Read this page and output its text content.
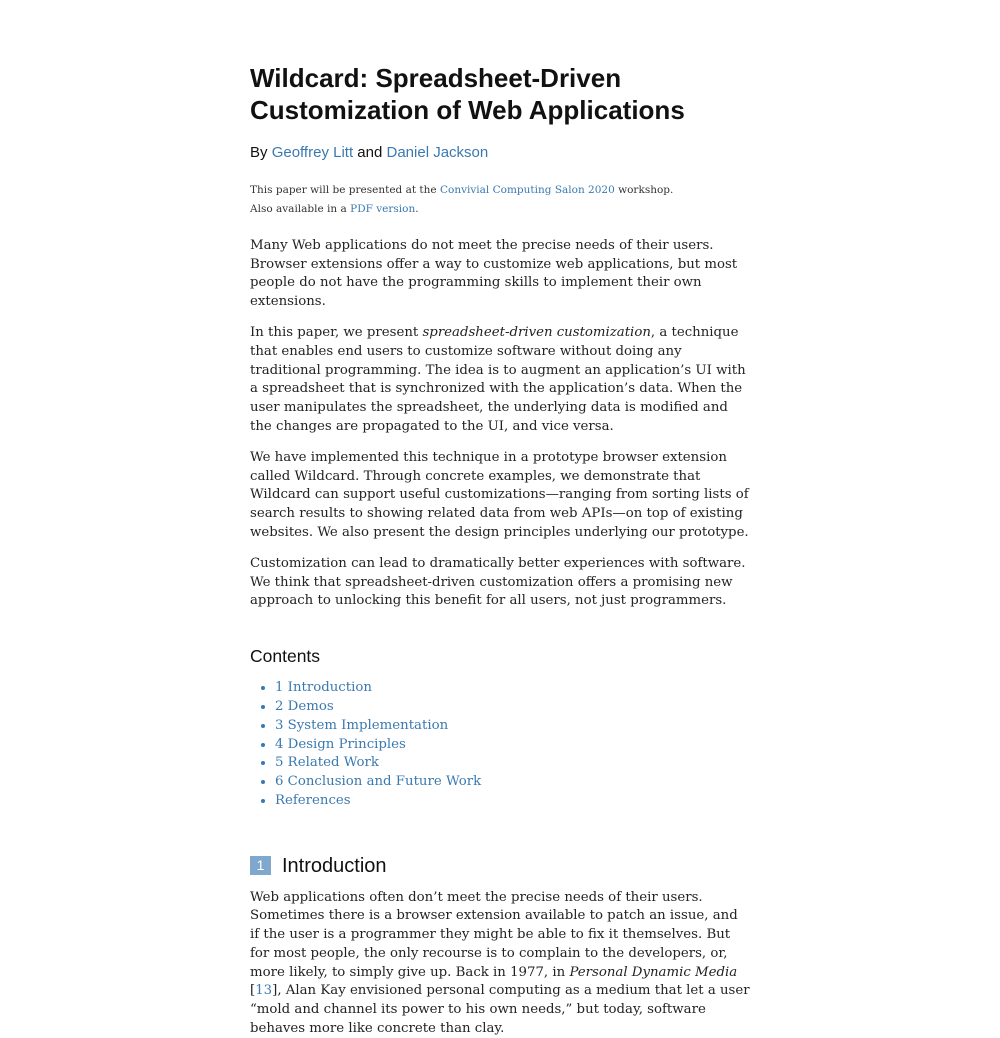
Wildcard: Spreadsheet-Driven Customization of Web Applications
By Geoffrey Litt and Daniel Jackson
This paper will be presented at the Convivial Computing Salon 2020 workshop.
Also available in a PDF version.

Many Web applications do not meet the precise needs of their users. Browser extensions offer a way to customize web applications, but most people do not have the programming skills to implement their own extensions.

In this paper, we present spreadsheet-driven customization, a technique that enables end users to customize software without doing any traditional programming. The idea is to augment an application’s UI with a spreadsheet that is synchronized with the application’s data. When the user manipulates the spreadsheet, the underlying data is modified and the changes are propagated to the UI, and vice versa.

We have implemented this technique in a prototype browser extension called Wildcard. Through concrete examples, we demonstrate that Wildcard can support useful customizations—ranging from sorting lists of search results to showing related data from web APIs—on top of existing websites. We also present the design principles underlying our prototype.

Customization can lead to dramatically better experiences with software. We think that spreadsheet-driven customization offers a promising new approach to unlocking this benefit for all users, not just programmers.

Contents
• 1 Introduction
• 2 Demos
• 3 System Implementation
• 4 Design Principles
• 5 Related Work
• 6 Conclusion and Future Work
• References
1 Introduction

Web applications often don’t meet the precise needs of their users. Sometimes there is a browser extension available to patch an issue, and if the user is a programmer they might be able to fix it themselves. But for most people, the only recourse is to complain to the developers, or, more likely, to simply give up. Back in 1977, in Personal Dynamic Media [13], Alan Kay envisioned personal computing as a medium that let a user “mold and channel its power to his own needs,” but today, software behaves more like concrete than clay.
